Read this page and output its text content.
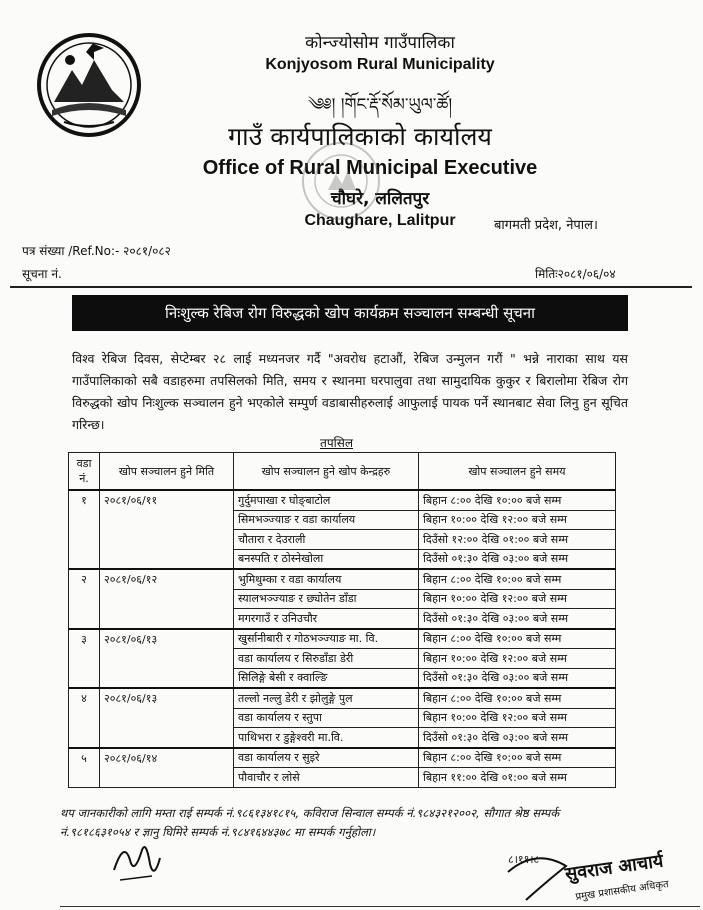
कोन्ज्योसोम गाउँपालिका
Konjyosom Rural Municipality
༄༅། །གོང་རྡོ་སོམ་ཡུལ་ཚོ།
गाउँ कार्यपालिकाको कार्यालय
Office of Rural Municipal Executive
चौघरे, ललितपुर
Chaughare, Lalitpur	बागमती प्रदेश, नेपाल।
पत्र संख्या /Ref.No:- २०८१/०८२
सूचना नं.	मितिः२०८१/०६/०४
निःशुल्क रेबिज रोग विरुद्धको खोप कार्यक्रम सञ्चालन सम्बन्धी सूचना
विश्व रेबिज दिवस, सेप्टेम्बर २८ लाई मध्यनजर गर्दै "अवरोध हटाऔं, रेबिज उन्मुलन गरौं " भन्ने नाराका साथ यस गाउँपालिकाको सबै वडाहरुमा तपसिलको मिति, समय र स्थानमा घरपालुवा तथा सामुदायिक कुकुर र बिरालोमा रेबिज रोग विरुद्धको खोप निःशुल्क सञ्चालन हुने भएकोले सम्पुर्ण वडाबासीहरुलाई आफुलाई पायक पर्ने स्थानबाट सेवा लिनु हुन सूचित गरिन्छ।
तपसिल
वडा नं.	खोप सञ्चालन हुने मिति	खोप सञ्चालन हुने खोप केन्द्रहरु	खोप सञ्चालन हुने समय
१	२०८१/०६/११	गुर्दुमपाखा र घोङ्बाटोल	बिहान ८:०० देखि १०:०० बजे सम्म
		सिमभञ्ज्याङ र वडा कार्यालय	बिहान १०:०० देखि १२:०० बजे सम्म
		चौतारा र देउराली	दिउँसो १२:०० देखि ०१:०० बजे सम्म
		बनस्पति र ठोस्नेखोला	दिउँसो ०१:३० देखि ०३:०० बजे सम्म
२	२०८१/०६/१२	भुमिथुम्का र वडा कार्यालय	बिहान ८:०० देखि १०:०० बजे सम्म
		स्यालभञ्ज्याङ र छ्योतेन डाँडा	बिहान १०:०० देखि १२:०० बजे सम्म
		मगरगाउँ र उनिउचौर	दिउँसो ०१:३० देखि ०३:०० बजे सम्म
३	२०८१/०६/१३	खुर्सानीबारी र गोठभञ्ज्याङ मा. वि.	बिहान ८:०० देखि १०:०० बजे सम्म
		वडा कार्यालय र सिरुडाँडा डेरी	बिहान १०:०० देखि १२:०० बजे सम्म
		सिलिङ्गे बेसी र क्वाल्ङि	दिउँसो ०१:३० देखि ०३:०० बजे सम्म
४	२०८१/०६/१३	तल्लो नल्लु डेरी र झोलुङ्गे पुल	बिहान ८:०० देखि १०:०० बजे सम्म
		वडा कार्यालय र स्तुपा	बिहान १०:०० देखि १२:०० बजे सम्म
		पाथिभरा र डुङ्गेश्वरी मा.वि.	दिउँसो ०१:३० देखि ०३:०० बजे सम्म
५	२०८१/०६/१४	वडा कार्यालय र सुइरे	बिहान ८:०० देखि १०:०० बजे सम्म
		पौवाचौर र लोसे	बिहान ११:०० देखि ०१:०० बजे सम्म
थप जानकारीको लागि मम्ता राई सम्पर्क नं.९८६१३४१८१५, कविराज सिन्वाल सम्पर्क नं.९८४३२१२००२, सौगात श्रेष्ठ सम्पर्क नं.९८१८६३१०५४ र ज्ञानु घिमिरे सम्पर्क नं.९८४१६४४३७८ मा सम्पर्क गर्नुहोला।
८।११।८ सुवराज आचार्य
प्रमुख प्रशासकीय अधिकृत
